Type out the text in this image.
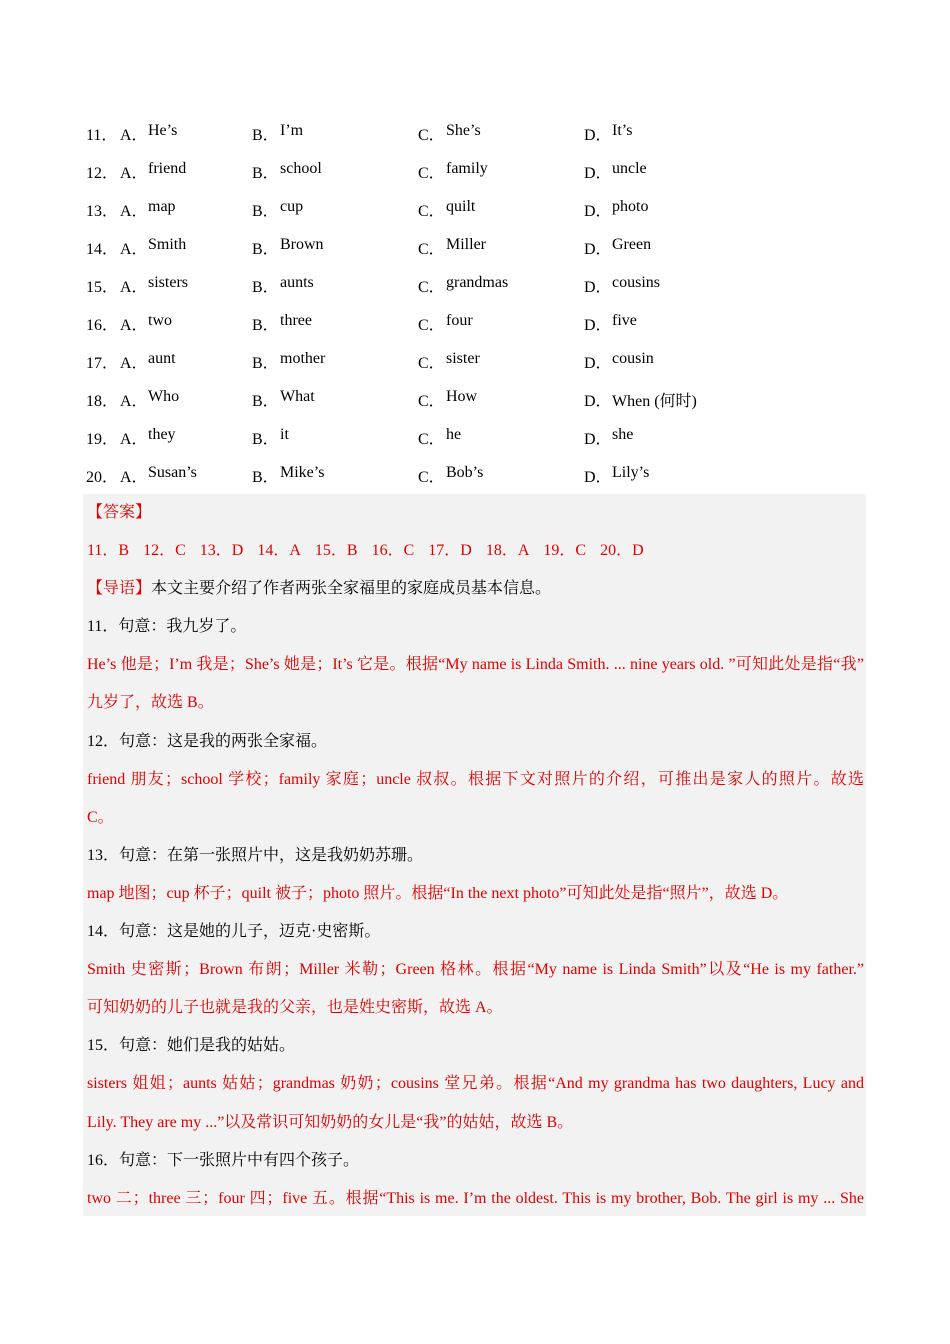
11． A． He’s	B． I’m	C． She’s	D． It’s
12． A． friend	B． school	C． family	D． uncle
13． A． map	B． cup	C． quilt	D． photo
14． A． Smith	B． Brown	C． Miller	D． Green
15． A． sisters	B． aunts	C． grandmas	D． cousins
16． A． two	B． three	C． four	D． five
17． A． aunt	B． mother	C． sister	D． cousin
18． A． Who	B． What	C． How	D． When (何时)
19． A． they	B． it	C． he	D． she
20． A． Susan’s	B． Mike’s	C． Bob’s	D． Lily’s
【答案】
11．B 12．C 13．D 14．A 15．B 16．C 17．D 18．A 19．C 20．D
【导语】本文主要介绍了作者两张全家福里的家庭成员基本信息。
11．句意：我九岁了。
He’s 他是；I’m 我是；She’s 她是；It’s 它是。根据“My name is Linda Smith. ... nine years old. ”可知此处是指“我”
九岁了，故选 B。
12．句意：这是我的两张全家福。
friend 朋友；school 学校；family 家庭；uncle 叔叔。根据下文对照片的介绍，可推出是家人的照片。故选
C。
13．句意：在第一张照片中，这是我奶奶苏珊。
map 地图；cup 杯子；quilt 被子；photo 照片。根据“In the next photo”可知此处是指“照片”，故选 D。
14．句意：这是她的儿子，迈克·史密斯。
Smith 史密斯；Brown 布朗；Miller 米勒；Green 格林。根据“My name is Linda Smith”以及“He is my father.”
可知奶奶的儿子也就是我的父亲，也是姓史密斯，故选 A。
15．句意：她们是我的姑姑。
sisters 姐姐；aunts 姑姑；grandmas 奶奶；cousins 堂兄弟。根据“And my grandma has two daughters, Lucy and
Lily. They are my ...”以及常识可知奶奶的女儿是“我”的姑姑，故选 B。
16．句意：下一张照片中有四个孩子。
two 二；three 三；four 四；five 五。根据“This is me. I’m the oldest. This is my brother, Bob. The girl is my ... She
